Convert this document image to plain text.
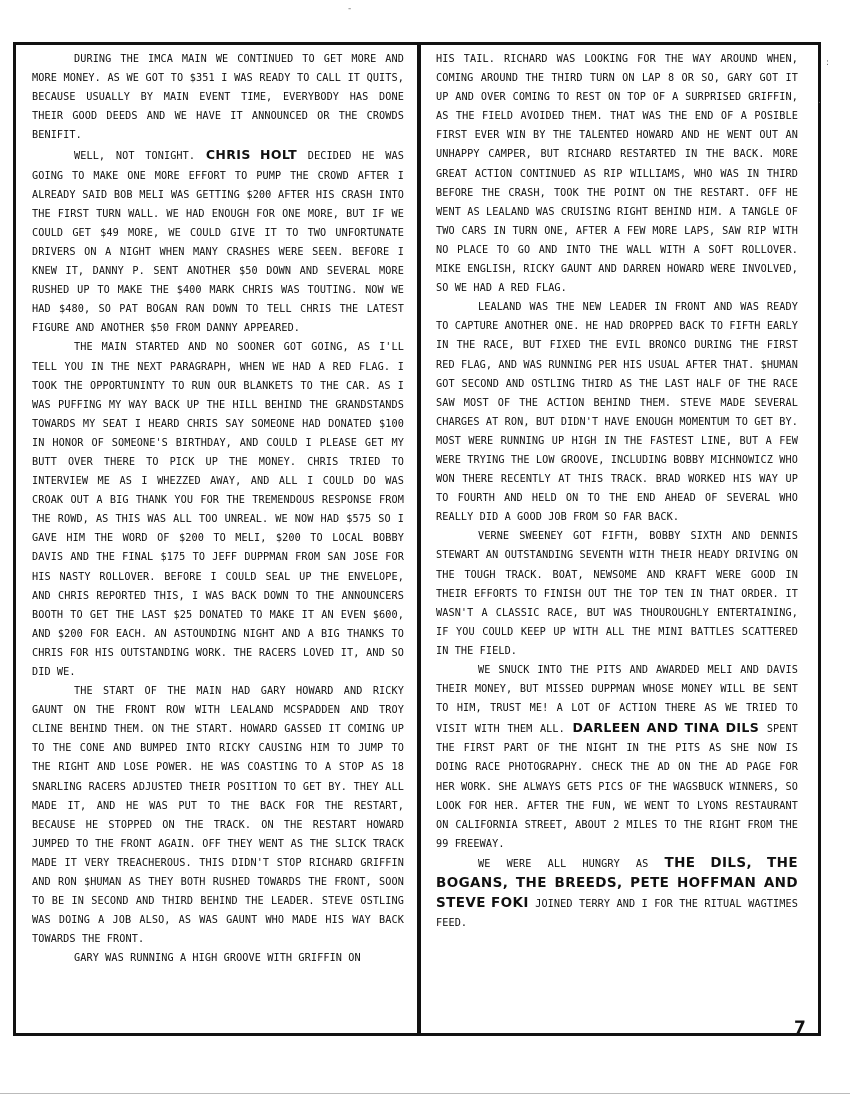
DURING THE IMCA MAIN WE CONTINUED TO GET MORE AND MORE MONEY. AS WE GOT TO $351 I WAS READY TO CALL IT QUITS, BECAUSE USUALLY BY MAIN EVENT TIME, EVERYBODY HAS DONE THEIR GOOD DEEDS AND WE HAVE IT ANNOUNCED OR THE CROWDS BENIFIT.

WELL, NOT TONIGHT. CHRIS HOLT DECIDED HE WAS GOING TO MAKE ONE MORE EFFORT TO PUMP THE CROWD AFTER I ALREADY SAID BOB MELI WAS GETTING $200 AFTER HIS CRASH INTO THE FIRST TURN WALL. WE HAD ENOUGH FOR ONE MORE, BUT IF WE COULD GET $49 MORE, WE COULD GIVE IT TO TWO UNFORTUNATE DRIVERS ON A NIGHT WHEN MANY CRASHES WERE SEEN. BEFORE I KNEW IT, DANNY P. SENT ANOTHER $50 DOWN AND SEVERAL MORE RUSHED UP TO MAKE THE $400 MARK CHRIS WAS TOUTING. NOW WE HAD $480, SO PAT BOGAN RAN DOWN TO TELL CHRIS THE LATEST FIGURE AND ANOTHER $50 FROM DANNY APPEARED.

THE MAIN STARTED AND NO SOONER GOT GOING, AS I'LL TELL YOU IN THE NEXT PARAGRAPH, WHEN WE HAD A RED FLAG. I TOOK THE OPPORTUNINTY TO RUN OUR BLANKETS TO THE CAR. AS I WAS PUFFING MY WAY BACK UP THE HILL BEHIND THE GRANDSTANDS TOWARDS MY SEAT I HEARD CHRIS SAY SOMEONE HAD DONATED $100 IN HONOR OF SOMEONE'S BIRTHDAY, AND COULD I PLEASE GET MY BUTT OVER THERE TO PICK UP THE MONEY. CHRIS TRIED TO INTERVIEW ME AS I WHEZZED AWAY, AND ALL I COULD DO WAS CROAK OUT A BIG THANK YOU FOR THE TREMENDOUS RESPONSE FROM THE ROWD, AS THIS WAS ALL TOO UNREAL. WE NOW HAD $575 SO I GAVE HIM THE WORD OF $200 TO MELI, $200 TO LOCAL BOBBY DAVIS AND THE FINAL $175 TO JEFF DUPPMAN FROM SAN JOSE FOR HIS NASTY ROLLOVER. BEFORE I COULD SEAL UP THE ENVELOPE, AND CHRIS REPORTED THIS, I WAS BACK DOWN TO THE ANNOUNCERS BOOTH TO GET THE LAST $25 DONATED TO MAKE IT AN EVEN $600, AND $200 FOR EACH. AN ASTOUNDING NIGHT AND A BIG THANKS TO CHRIS FOR HIS OUTSTANDING WORK. THE RACERS LOVED IT, AND SO DID WE.

THE START OF THE MAIN HAD GARY HOWARD AND RICKY GAUNT ON THE FRONT ROW WITH LEALAND MCSPADDEN AND TROY CLINE BEHIND THEM. ON THE START. HOWARD GASSED IT COMING UP TO THE CONE AND BUMPED INTO RICKY CAUSING HIM TO JUMP TO THE RIGHT AND LOSE POWER. HE WAS COASTING TO A STOP AS 18 SNARLING RACERS ADJUSTED THEIR POSITION TO GET BY. THEY ALL MADE IT, AND HE WAS PUT TO THE BACK FOR THE RESTART, BECAUSE HE STOPPED ON THE TRACK. ON THE RESTART HOWARD JUMPED TO THE FRONT AGAIN. OFF THEY WENT AS THE SLICK TRACK MADE IT VERY TREACHEROUS. THIS DIDN'T STOP RICHARD GRIFFIN AND RON $HUMAN AS THEY BOTH RUSHED TOWARDS THE FRONT, SOON TO BE IN SECOND AND THIRD BEHIND THE LEADER. STEVE OSTLING WAS DOING A JOB ALSO, AS WAS GAUNT WHO MADE HIS WAY BACK TOWARDS THE FRONT.

GARY WAS RUNNING A HIGH GROOVE WITH GRIFFIN ON

HIS TAIL. RICHARD WAS LOOKING FOR THE WAY AROUND WHEN, COMING AROUND THE THIRD TURN ON LAP 8 OR SO, GARY GOT IT UP AND OVER COMING TO REST ON TOP OF A SURPRISED GRIFFIN, AS THE FIELD AVOIDED THEM. THAT WAS THE END OF A POSIBLE FIRST EVER WIN BY THE TALENTED HOWARD AND HE WENT OUT AN UNHAPPY CAMPER, BUT RICHARD RESTARTED IN THE BACK. MORE GREAT ACTION CONTINUED AS RIP WILLIAMS, WHO WAS IN THIRD BEFORE THE CRASH, TOOK THE POINT ON THE RESTART. OFF HE WENT AS LEALAND WAS CRUISING RIGHT BEHIND HIM. A TANGLE OF TWO CARS IN TURN ONE, AFTER A FEW MORE LAPS, SAW RIP WITH NO PLACE TO GO AND INTO THE WALL WITH A SOFT ROLLOVER. MIKE ENGLISH, RICKY GAUNT AND DARREN HOWARD WERE INVOLVED, SO WE HAD A RED FLAG.

LEALAND WAS THE NEW LEADER IN FRONT AND WAS READY TO CAPTURE ANOTHER ONE. HE HAD DROPPED BACK TO FIFTH EARLY IN THE RACE, BUT FIXED THE EVIL BRONCO DURING THE FIRST RED FLAG, AND WAS RUNNING PER HIS USUAL AFTER THAT. $HUMAN GOT SECOND AND OSTLING THIRD AS THE LAST HALF OF THE RACE SAW MOST OF THE ACTION BEHIND THEM. STEVE MADE SEVERAL CHARGES AT RON, BUT DIDN'T HAVE ENOUGH MOMENTUM TO GET BY. MOST WERE RUNNING UP HIGH IN THE FASTEST LINE, BUT A FEW WERE TRYING THE LOW GROOVE, INCLUDING BOBBY MICHNOWICZ WHO WON THERE RECENTLY AT THIS TRACK. BRAD WORKED HIS WAY UP TO FOURTH AND HELD ON TO THE END AHEAD OF SEVERAL WHO REALLY DID A GOOD JOB FROM SO FAR BACK.

VERNE SWEENEY GOT FIFTH, BOBBY SIXTH AND DENNIS STEWART AN OUTSTANDING SEVENTH WITH THEIR HEADY DRIVING ON THE TOUGH TRACK. BOAT, NEWSOME AND KRAFT WERE GOOD IN THEIR EFFORTS TO FINISH OUT THE TOP TEN IN THAT ORDER. IT WASN'T A CLASSIC RACE, BUT WAS THOUROUGHLY ENTERTAINING, IF YOU COULD KEEP UP WITH ALL THE MINI BATTLES SCATTERED IN THE FIELD.

WE SNUCK INTO THE PITS AND AWARDED MELI AND DAVIS THEIR MONEY, BUT MISSED DUPPMAN WHOSE MONEY WILL BE SENT TO HIM, TRUST ME! A LOT OF ACTION THERE AS WE TRIED TO VISIT WITH THEM ALL. DARLEEN AND TINA DILS SPENT THE FIRST PART OF THE NIGHT IN THE PITS AS SHE NOW IS DOING RACE PHOTOGRAPHY. CHECK THE AD ON THE AD PAGE FOR HER WORK. SHE ALWAYS GETS PICS OF THE WAGSBUCK WINNERS, SO LOOK FOR HER. AFTER THE FUN, WE WENT TO LYONS RESTAURANT ON CALIFORNIA STREET, ABOUT 2 MILES TO THE RIGHT FROM THE 99 FREEWAY.

WE WERE ALL HUNGRY AS THE DILS, THE BOGANS, THE BREEDS, PETE HOFFMAN AND STEVE FOKI JOINED TERRY AND I FOR THE RITUAL WAGTIMES FEED.

7
-
:
.
